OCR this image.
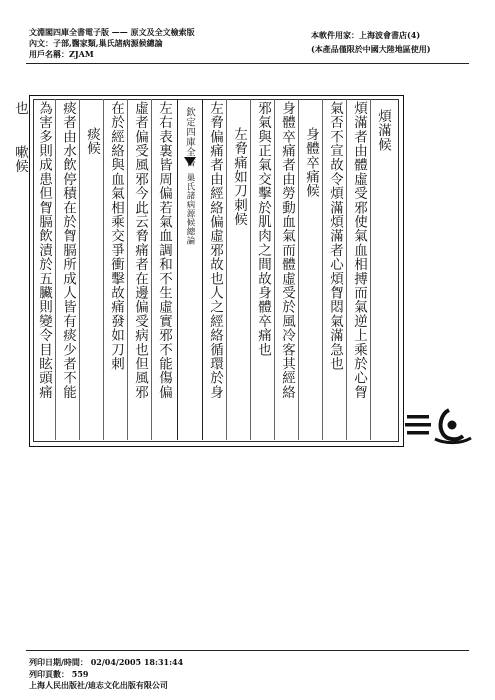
文淵閣四庫全書電子版 —— 原文及全文檢索版
內文：子部,醫家類,巢氏諸病源候總論
用戶名稱：ZJAM
本軟件用家：上海波會書店(4)
(本產品僅限於中國大陸地區使用)
煩滿候
煩滿者由體虛受邪使氣血相搏而氣逆上乘於心胷
氣否不宣故令煩滿煩滿者心煩胷悶氣滿急也
身體卒痛候
身體卒痛者由勞動血氣而體虛受於風冷客其經絡
邪氣與正氣交擊於肌肉之間故身體卒痛也
左脅痛如刀刺候
左脅偏痛者由經絡偏虛邪故也人之經絡循環於身
欽定四庫全書
巢氏諸病源候總論
左右表裏皆周偏若氣血調和不生虛實邪不能傷偏
虛者偏受風邪今此云脅痛者在邊偏受病也但風邪
在於經絡與血氣相乘交爭衝擊故痛發如刀刺
痰候
痰者由水飲停積在於胷膈所成人皆有痰少者不能
為害多則成患但胷膈飲漬於五臟則變令目眩頭痛
也
嗽候
列印日期/時間： 02/04/2005 18:31:44
列印頁數： 559
上海人民出版社/迪志文化出版有限公司
